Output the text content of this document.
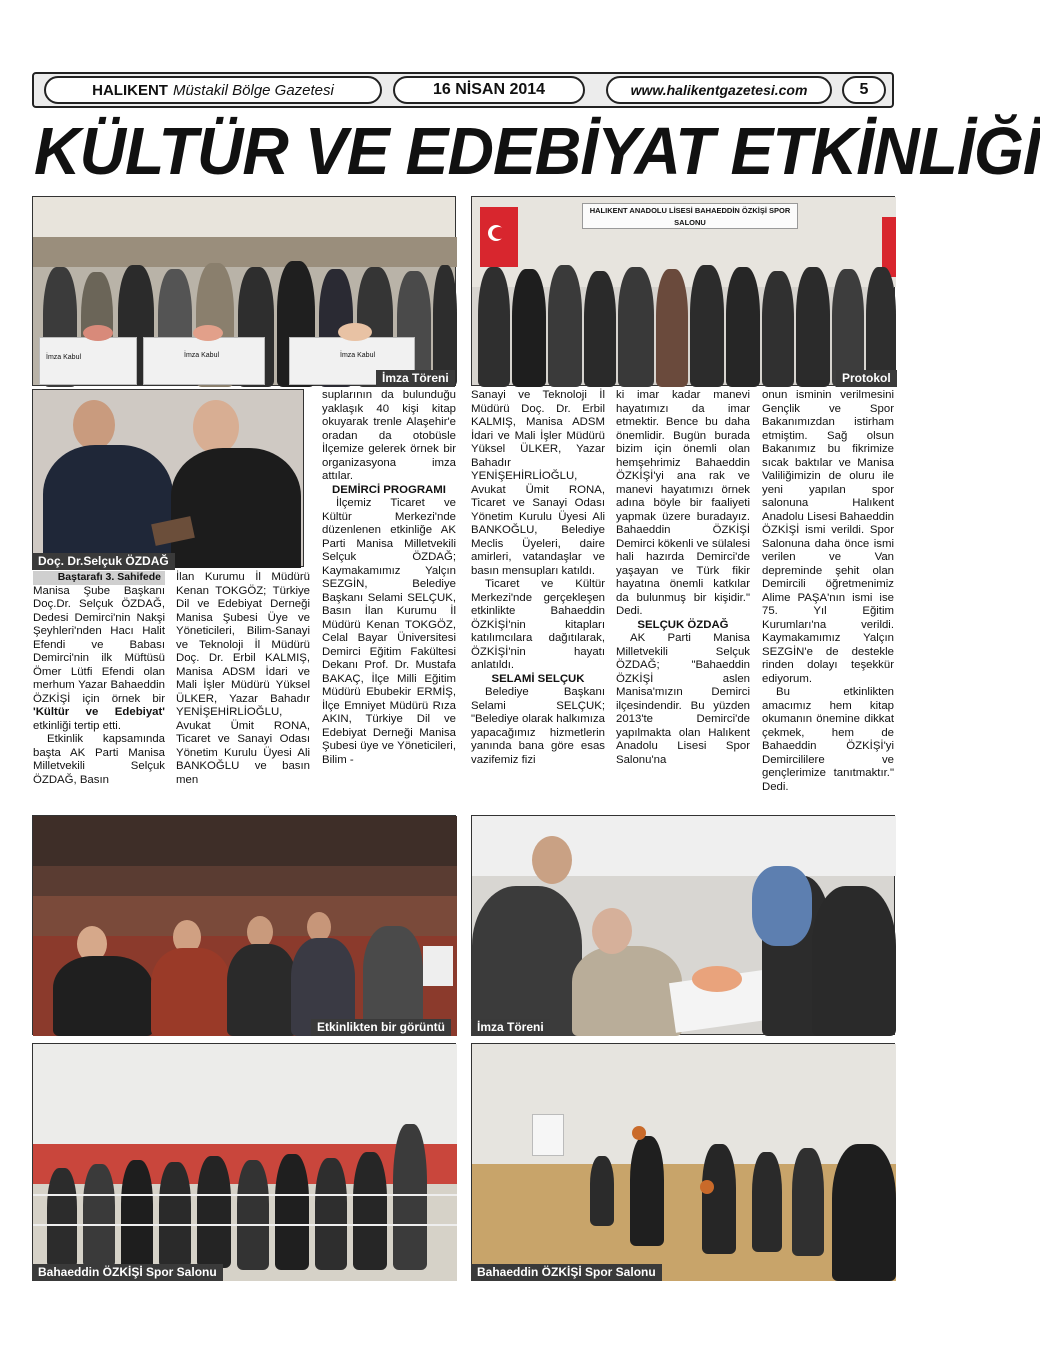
HALIKENT Müstakil Bölge Gazetesi	16 NİSAN 2014	www.halikentgazetesi.com	5
KÜLTÜR VE EDEBİYAT ETKİNLİĞİ
İmza Kabul	İmza Kabul	İmza Kabul
İmza Töreni
HALIKENT ANADOLU LİSESİ BAHAEDDİN ÖZKİŞİ SPOR SALONU
Protokol
Doç. Dr.Selçuk ÖZDAĞ
Baştarafı 3. Sahifede

Manisa Şube Başkanı Doç.Dr. Selçuk ÖZDAĞ, Dedesi Demirci'nin Nakşi Şeyhleri'nden Hacı Halit Efendi ve Babası Demirci'nin ilk Müftüsü Ömer Lütfi Efendi olan merhum Yazar Bahaeddin ÖZKİŞİ için örnek bir 'Kültür ve Edebiyat' etkinliği tertip etti.

Etkinlik kapsamında başta AK Parti Manisa Milletvekili Selçuk ÖZDAĞ, Basın

İlan Kurumu İl Müdürü Kenan TOKGÖZ; Türkiye Dil ve Edebiyat Derneği Manisa Şubesi Üye ve Yöneticileri, Bilim-Sanayi ve Teknoloji İl Müdürü Doç. Dr. Erbil KALMIŞ, Manisa ADSM İdari ve Mali İşler Müdürü Yüksel ÜLKER, Yazar Bahadır YENİŞEHİRLİOĞLU, Avukat Ümit RONA, Ticaret ve Sanayi Odası Yönetim Kurulu Üyesi Ali BANKOĞLU ve basın men

suplarının da bulunduğu yaklaşık 40 kişi kitap okuyarak trenle Alaşehir'e oradan da otobüsle İlçemize gelerek örnek bir organizasyona imza attılar.

DEMİRCİ PROGRAMI

İlçemiz Ticaret ve Kültür Merkezi'nde düzenlenen etkinliğe AK Parti Manisa Milletvekili Selçuk ÖZDAĞ; Kaymakamımız Yalçın SEZGİN, Belediye Başkanı Selami SELÇUK, Basın İlan Kurumu İl Müdürü Kenan TOKGÖZ, Celal Bayar Üniversitesi Demirci Eğitim Fakültesi Dekanı Prof. Dr. Mustafa BAKAÇ, İlçe Milli Eğitim Müdürü Ebubekir ERMİŞ, İlçe Emniyet Müdürü Rıza AKIN, Türkiye Dil ve Edebiyat Derneği Manisa Şubesi üye ve Yöneticileri, Bilim -

Sanayi ve Teknoloji İl Müdürü Doç. Dr. Erbil KALMIŞ, Manisa ADSM İdari ve Mali İşler Müdürü Yüksel ÜLKER, Yazar Bahadır YENİŞEHİRLİOĞLU, Avukat Ümit RONA, Ticaret ve Sanayi Odası Yönetim Kurulu Üyesi Ali BANKOĞLU, Belediye Meclis Üyeleri, daire amirleri, vatandaşlar ve basın mensupları katıldı.

Ticaret ve Kültür Merkezi'nde gerçekleşen etkinlikte Bahaeddin ÖZKİŞİ'nin kitapları katılımcılara dağıtılarak, ÖZKİŞİ'nin hayatı anlatıldı.

SELAMİ SELÇUK

Belediye Başkanı Selami SELÇUK; "Belediye olarak halkımıza yapacağımız hizmetlerin yanında bana göre esas vazifemiz fizi

ki imar kadar manevi hayatımızı da imar etmektir. Bence bu daha önemlidir. Bugün burada bizim için önemli olan hemşehrimiz Bahaeddin ÖZKİŞİ'yi ana rak ve manevi hayatımızı örnek adına böyle bir faaliyeti yapmak üzere buradayız. Bahaeddin ÖZKİŞİ Demirci kökenli ve sülalesi hali hazırda Demirci'de yaşayan ve Türk fikir hayatına önemli katkılar da bulunmuş bir kişidir." Dedi.

SELÇUK ÖZDAĞ

AK Parti Manisa Milletvekili Selçuk ÖZDAĞ; "Bahaeddin ÖZKİŞİ aslen Manisa'mızın Demirci ilçesindendir. Bu yüzden 2013'te Demirci'de yapılmakta olan Halıkent Anadolu Lisesi Spor Salonu'na

onun isminin verilmesini Gençlik ve Spor Bakanımızdan istirham etmiştim. Sağ olsun Bakanımız bu fikrimize sıcak baktılar ve Manisa Valiliğimizin de oluru ile yeni yapılan spor salonuna Halıkent Anadolu Lisesi Bahaeddin ÖZKİŞİ ismi verildi. Spor Salonuna daha önce ismi verilen ve Van depreminde şehit olan Demircili öğretmenimiz Alime PAŞA'nın ismi ise 75. Yıl Eğitim Kurumları'na verildi. Kaymakamımız Yalçın SEZGİN'e de destekle rinden dolayı teşekkür ediyorum.

Bu etkinlikten amacımız hem kitap okumanın önemine dikkat çekmek, hem de Bahaeddin ÖZKİŞİ'yi Demircililere ve gençlerimize tanıtmaktır." Dedi.

Etkinlikten bir görüntü	İmza Töreni
Bahaeddin ÖZKİŞİ Spor Salonu	Bahaeddin ÖZKİŞİ Spor Salonu
